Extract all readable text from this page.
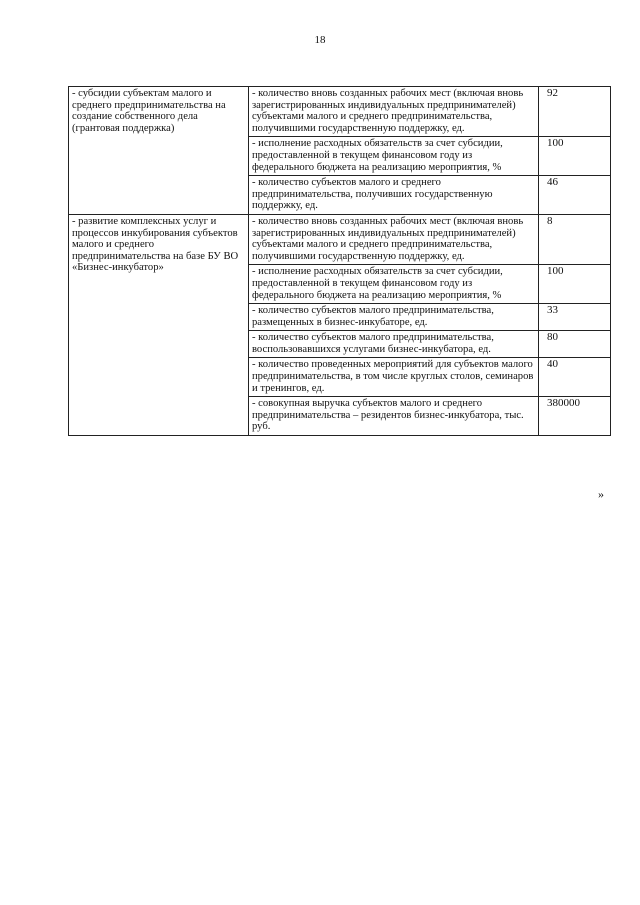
18
- субсидии субъектам малого и среднего предпринимательства на создание собственного дела (грантовая поддержка)	- количество вновь созданных рабочих мест (включая вновь зарегистрированных индивидуальных предпринимателей) субъектами малого и среднего предпринимательства, получившими государственную поддержку, ед.	92
	- исполнение расходных обязательств за счет субсидии, предоставленной в текущем финансовом году из федерального бюджета на реализацию мероприятия, %	100
	- количество субъектов малого и среднего предпринимательства, получивших государственную поддержку, ед.	46
- развитие комплексных услуг и процессов инкубирования субъектов малого и среднего предпринимательства на базе БУ ВО «Бизнес-инкубатор»	- количество вновь созданных рабочих мест (включая вновь зарегистрированных индивидуальных предпринимателей) субъектами малого и среднего предпринимательства, получившими государственную поддержку, ед.	8
	- исполнение расходных обязательств за счет субсидии, предоставленной в текущем финансовом году из федерального бюджета на реализацию мероприятия, %	100
	- количество субъектов малого предпринимательства, размещенных в бизнес-инкубаторе, ед.	33
	- количество субъектов малого предпринимательства, воспользовавшихся услугами бизнес-инкубатора, ед.	80
	- количество проведенных мероприятий для субъектов малого предпринимательства, в том числе круглых столов, семинаров и тренингов, ед.	40
	- совокупная выручка субъектов малого и среднего предпринимательства – резидентов бизнес-инкубатора, тыс. руб.	380000
»
